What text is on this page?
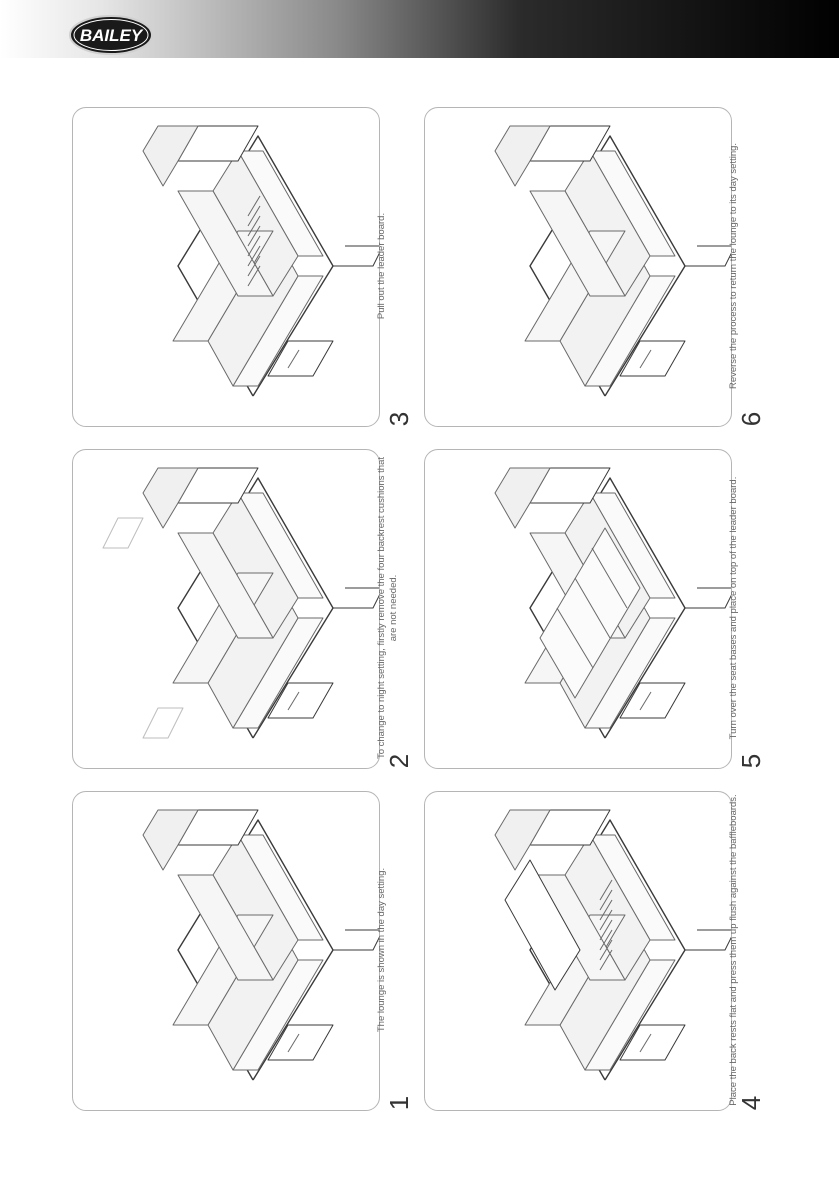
BAILEY
The lounge is shown in the day setting.
To change to night setting, firstly remove the four backrest cushions that are not needed.
Pull out the leader board.
Place the back rests flat and press them up flush against the baffleboards.
Turn over the seat bases and place on top of the leader board.
Reverse the process to return the lounge to its day setting.
1
2
3
4
5
6
